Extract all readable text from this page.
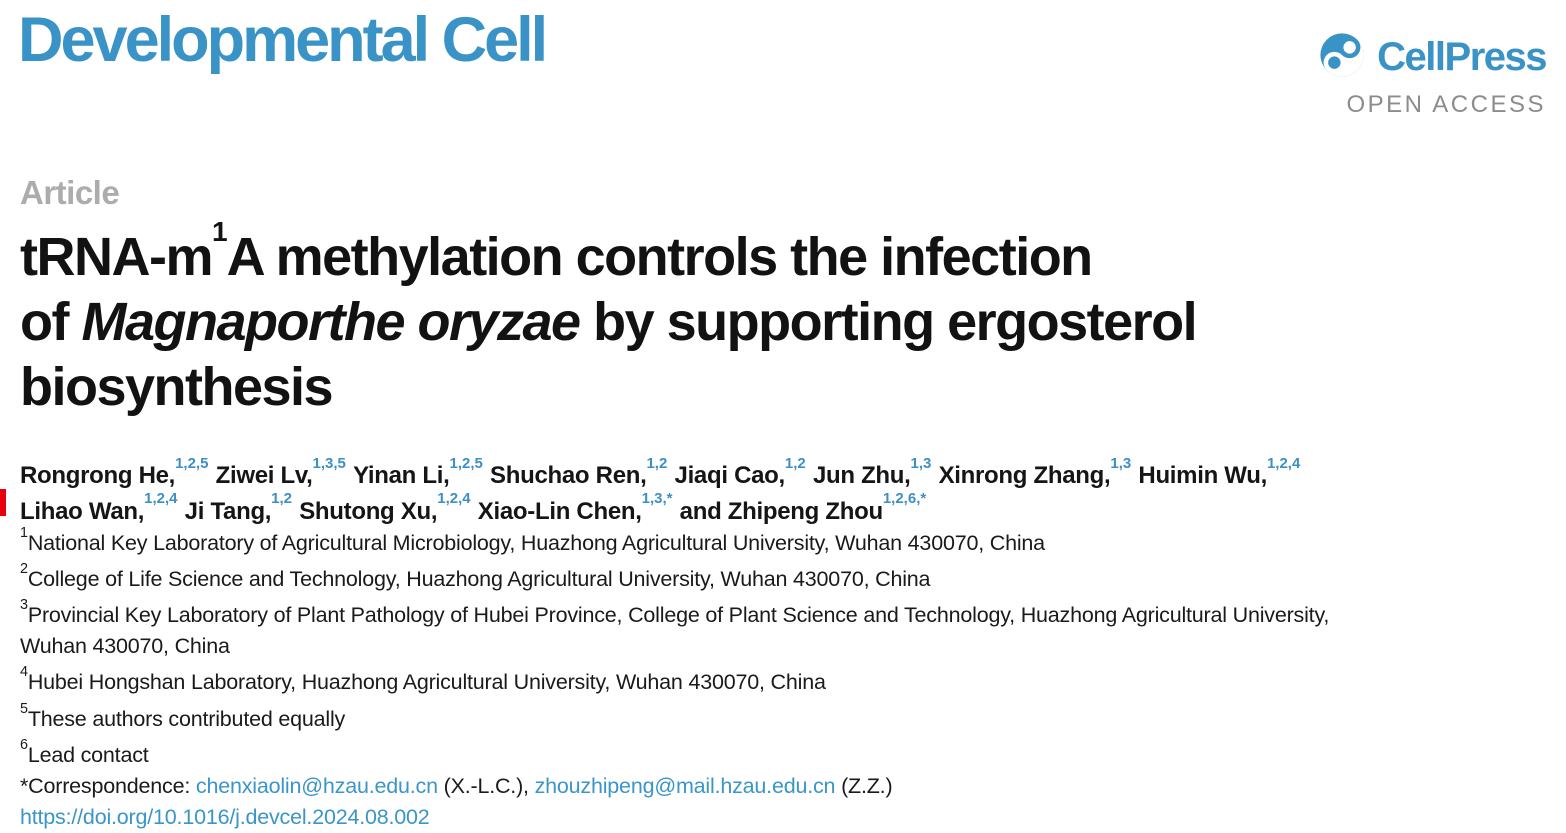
Developmental Cell	CellPress
OPEN ACCESS
Article
tRNA-$m^1A$ methylation controls the infection
of Magnaporthe oryzae by supporting ergosterol
biosynthesis
Rongrong He,$^{1,2,5}$ Ziwei Lv,$^{1,3,5}$ Yinan Li,$^{1,2,5}$ Shuchao Ren,$^{1,2}$ Jiaqi Cao,$^{1,2}$ Jun Zhu,$^{1,3}$ Xinrong Zhang,$^{1,3}$ Huimin Wu,$^{1,2,4}$
Lihao Wan,$^{1,2,4}$ Ji Tang,$^{1,2}$ Shutong Xu,$^{1,2,4}$ Xiao-Lin Chen,$^{1,3,*}$ and Zhipeng Zhou$^{1,2,6,*}$
$^1$National Key Laboratory of Agricultural Microbiology, Huazhong Agricultural University, Wuhan 430070, China
$^2$College of Life Science and Technology, Huazhong Agricultural University, Wuhan 430070, China
$^3$Provincial Key Laboratory of Plant Pathology of Hubei Province, College of Plant Science and Technology, Huazhong Agricultural University,
Wuhan 430070, China
$^4$Hubei Hongshan Laboratory, Huazhong Agricultural University, Wuhan 430070, China
$^5$These authors contributed equally
$^6$Lead contact
*Correspondence: chenxiaolin@hzau.edu.cn (X.-L.C.), zhouzhipeng@mail.hzau.edu.cn (Z.Z.)
https://doi.org/10.1016/j.devcel.2024.08.002
